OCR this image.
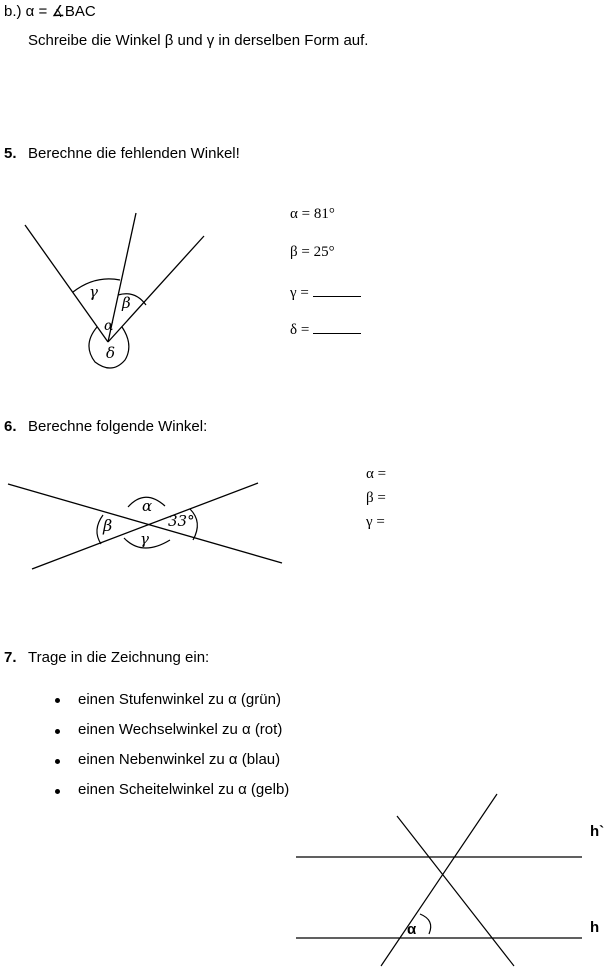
b.) α = ∡BAC
Schreibe die Winkel β und γ in derselben Form auf.
5. Berechne die fehlenden Winkel!
γ
β
α
δ
α = 81°
β = 25°
γ =
δ =
6. Berechne folgende Winkel:
α
β	33°
γ
α =
β =
γ =
7. Trage in die Zeichnung ein:
einen Stufenwinkel zu α (grün)
einen Wechselwinkel zu α (rot)
einen Nebenwinkel zu α (blau)
einen Scheitelwinkel zu α (gelb)
h`
h
α
